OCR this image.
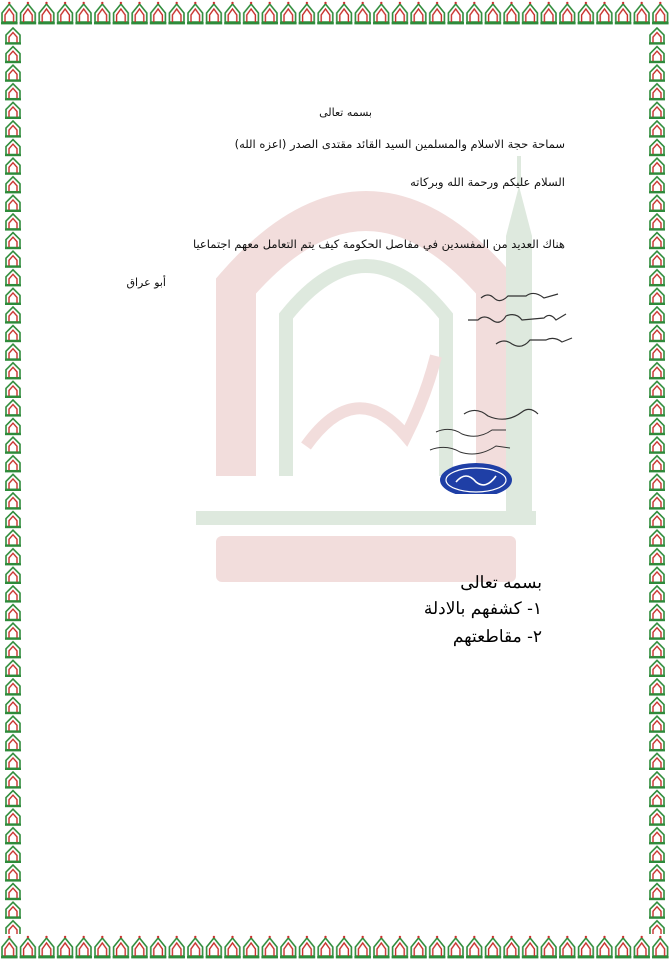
بسمه تعالى
سماحة حجة الاسلام والمسلمين السيد القائد مقتدى الصدر (اعزه الله)
السلام عليكم ورحمة الله وبركاته
هناك العديد من المفسدين في مفاصل الحكومة كيف يتم التعامل معهم اجتماعيا
أبو عراق
بسمه تعالى
١- كشفهم بالادلة
٢- مقاطعتهم
